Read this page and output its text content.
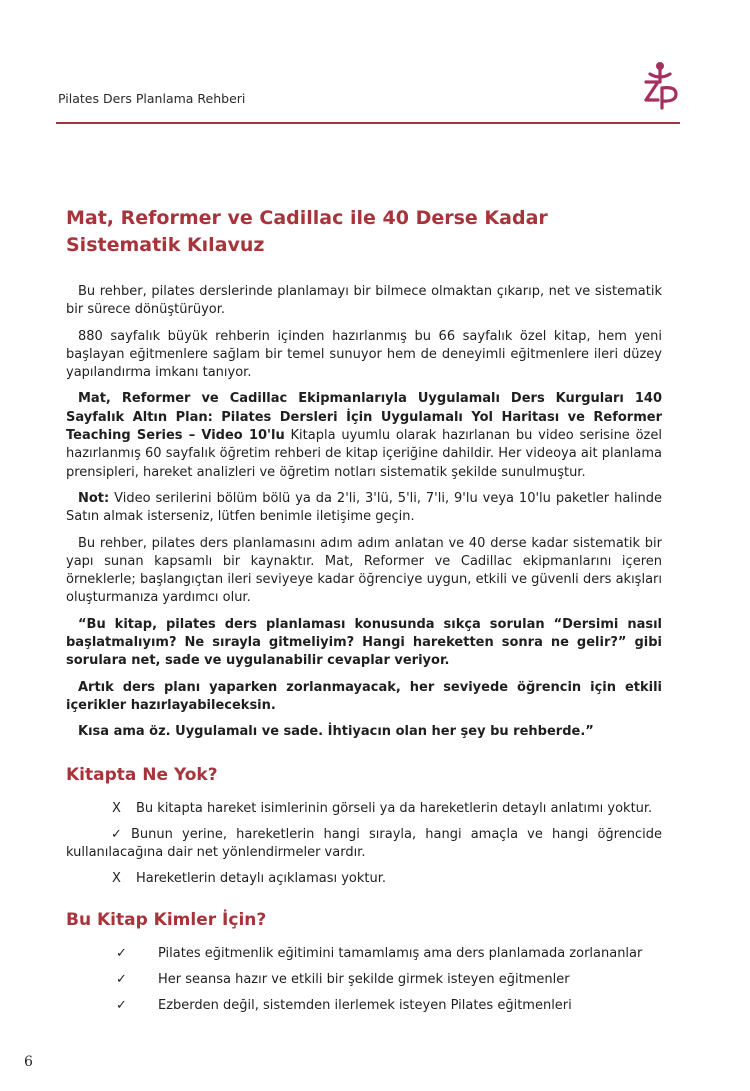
Pilates Ders Planlama Rehberi
Mat, Reformer ve Cadillac ile 40 Derse Kadar
Sistematik Kılavuz

Bu rehber, pilates derslerinde planlamayı bir bilmece olmaktan çıkarıp, net ve sistematik bir sürece dönüştürüyor.

880 sayfalık büyük rehberin içinden hazırlanmış bu 66 sayfalık özel kitap, hem yeni başlayan eğitmenlere sağlam bir temel sunuyor hem de deneyimli eğitmenlere ileri düzey yapılandırma imkanı tanıyor.

Mat, Reformer ve Cadillac Ekipmanlarıyla Uygulamalı Ders Kurguları 140 Sayfalık Altın Plan: Pilates Dersleri İçin Uygulamalı Yol Haritası ve Reformer Teaching Series – Video 10'lu Kitapla uyumlu olarak hazırlanan bu video serisine özel hazırlanmış 60 sayfalık öğretim rehberi de kitap içeriğine dahildir. Her videoya ait planlama prensipleri, hareket analizleri ve öğretim notları sistematik şekilde sunulmuştur.

Not: Video serilerini bölüm bölü ya da 2'li, 3'lü, 5'li, 7'li, 9'lu veya 10'lu paketler halinde Satın almak isterseniz, lütfen benimle iletişime geçin.

Bu rehber, pilates ders planlamasını adım adım anlatan ve 40 derse kadar sistematik bir yapı sunan kapsamlı bir kaynaktır. Mat, Reformer ve Cadillac ekipmanlarını içeren örneklerle; başlangıçtan ileri seviyeye kadar öğrenciye uygun, etkili ve güvenli ders akışları oluşturmanıza yardımcı olur.

“Bu kitap, pilates ders planlaması konusunda sıkça sorulan “Dersimi nasıl başlatmalıyım? Ne sırayla gitmeliyim? Hangi hareketten sonra ne gelir?” gibi sorulara net, sade ve uygulanabilir cevaplar veriyor.

Artık ders planı yaparken zorlanmayacak, her seviyede öğrencin için etkili içerikler hazırlayabileceksin.

Kısa ama öz. Uygulamalı ve sade. İhtiyacın olan her şey bu rehberde.”

Kitapta Ne Yok?
X	Bu kitapta hareket isimlerinin görseli ya da hareketlerin detaylı anlatımı yoktur.
✓ Bunun yerine, hareketlerin hangi sırayla, hangi amaçla ve hangi öğrencide kullanılacağına dair net yönlendirmeler vardır.
X	Hareketlerin detaylı açıklaması yoktur.
Bu Kitap Kimler İçin?
✓	Pilates eğitmenlik eğitimini tamamlamış ama ders planlamada zorlananlar
✓	Her seansa hazır ve etkili bir şekilde girmek isteyen eğitmenler
✓	Ezberden değil, sistemden ilerlemek isteyen Pilates eğitmenleri
6
